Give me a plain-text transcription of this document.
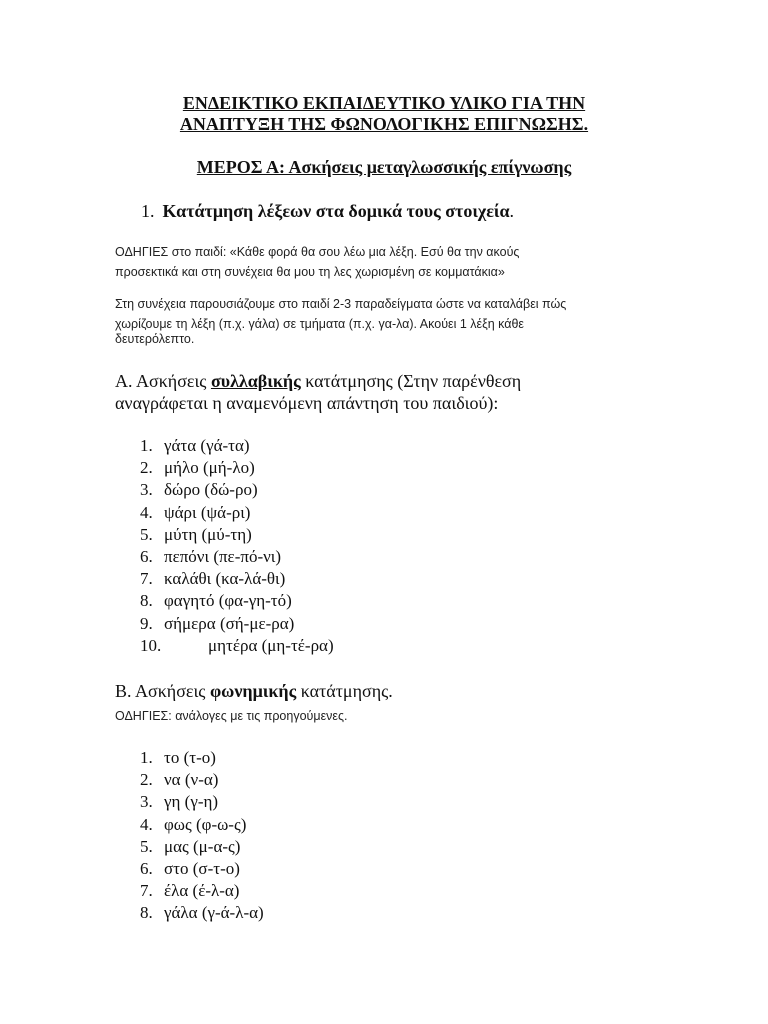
ΕΝΔΕΙΚΤΙΚΟ ΕΚΠΑΙΔΕΥΤΙΚΟ ΥΛΙΚΟ ΓΙΑ ΤΗΝ
ΑΝΑΠΤΥΞΗ ΤΗΣ ΦΩΝΟΛΟΓΙΚΗΣ ΕΠΙΓΝΩΣΗΣ.
ΜΕΡΟΣ Α: Ασκήσεις μεταγλωσσικής επίγνωσης
1. Κατάτμηση λέξεων στα δομικά τους στοιχεία.
ΟΔΗΓΙΕΣ στο παιδί: «Κάθε φορά θα σου λέω μια λέξη. Εσύ θα την ακούς
προσεκτικά και στη συνέχεια θα μου τη λες χωρισμένη σε κομματάκια»
Στη συνέχεια παρουσιάζουμε στο παιδί 2-3 παραδείγματα ώστε να καταλάβει πώς
χωρίζουμε τη λέξη (π.χ. γάλα) σε τμήματα (π.χ. γα-λα). Ακούει 1 λέξη κάθε
δευτερόλεπτο.
Α. Ασκήσεις συλλαβικής κατάτμησης (Στην παρένθεση
αναγράφεται η αναμενόμενη απάντηση του παιδιού):
1. γάτα (γά-τα)
2. μήλο (μή-λο)
3. δώρο (δώ-ρο)
4. ψάρι (ψά-ρι)
5. μύτη (μύ-τη)
6. πεπόνι (πε-πό-νι)
7. καλάθι (κα-λά-θι)
8. φαγητό (φα-γη-τό)
9. σήμερα (σή-με-ρα)
10.	μητέρα (μη-τέ-ρα)
Β. Ασκήσεις φωνημικής κατάτμησης.
ΟΔΗΓΙΕΣ: ανάλογες με τις προηγούμενες.
1. το (τ-ο)
2. να (ν-α)
3. γη (γ-η)
4. φως (φ-ω-ς)
5. μας (μ-α-ς)
6. στο (σ-τ-ο)
7. έλα (έ-λ-α)
8. γάλα (γ-ά-λ-α)
